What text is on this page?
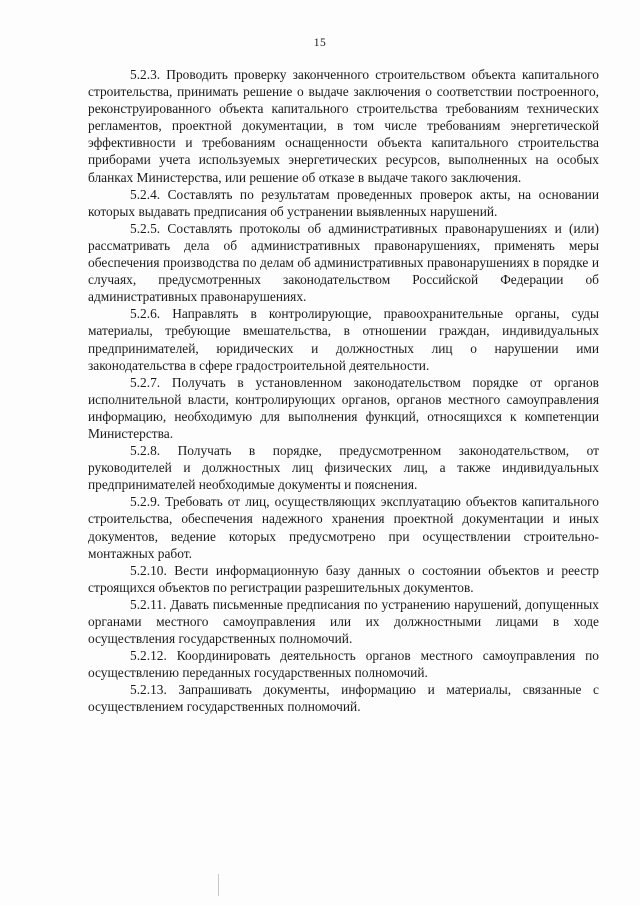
15

5.2.3. Проводить проверку законченного строительством объекта капитального строительства, принимать решение о выдаче заключения о соответствии построенного, реконструированного объекта капитального строительства требованиям технических регламентов, проектной документации, в том числе требованиям энергетической эффективности и требованиям оснащенности объекта капитального строительства приборами учета используемых энергетических ресурсов, выполненных на особых бланках Министерства, или решение об отказе в выдаче такого заключения.

5.2.4. Составлять по результатам проведенных проверок акты, на основании которых выдавать предписания об устранении выявленных нарушений.

5.2.5. Составлять протоколы об административных правонарушениях и (или) рассматривать дела об административных правонарушениях, применять меры обеспечения производства по делам об административных правонарушениях в порядке и случаях, предусмотренных законодательством Российской Федерации об административных правонарушениях.

5.2.6. Направлять в контролирующие, правоохранительные органы, суды материалы, требующие вмешательства, в отношении граждан, индивидуальных предпринимателей, юридических и должностных лиц о нарушении ими законодательства в сфере градостроительной деятельности.

5.2.7. Получать в установленном законодательством порядке от органов исполнительной власти, контролирующих органов, органов местного самоуправления информацию, необходимую для выполнения функций, относящихся к компетенции Министерства.

5.2.8. Получать в порядке, предусмотренном законодательством, от руководителей и должностных лиц физических лиц, а также индивидуальных предпринимателей необходимые документы и пояснения.

5.2.9. Требовать от лиц, осуществляющих эксплуатацию объектов капитального строительства, обеспечения надежного хранения проектной документации и иных документов, ведение которых предусмотрено при осуществлении строительно-монтажных работ.

5.2.10. Вести информационную базу данных о состоянии объектов и реестр строящихся объектов по регистрации разрешительных документов.

5.2.11. Давать письменные предписания по устранению нарушений, допущенных органами местного самоуправления или их должностными лицами в ходе осуществления государственных полномочий.

5.2.12. Координировать деятельность органов местного самоуправления по осуществлению переданных государственных полномочий.

5.2.13. Запрашивать документы, информацию и материалы, связанные с осуществлением государственных полномочий.
